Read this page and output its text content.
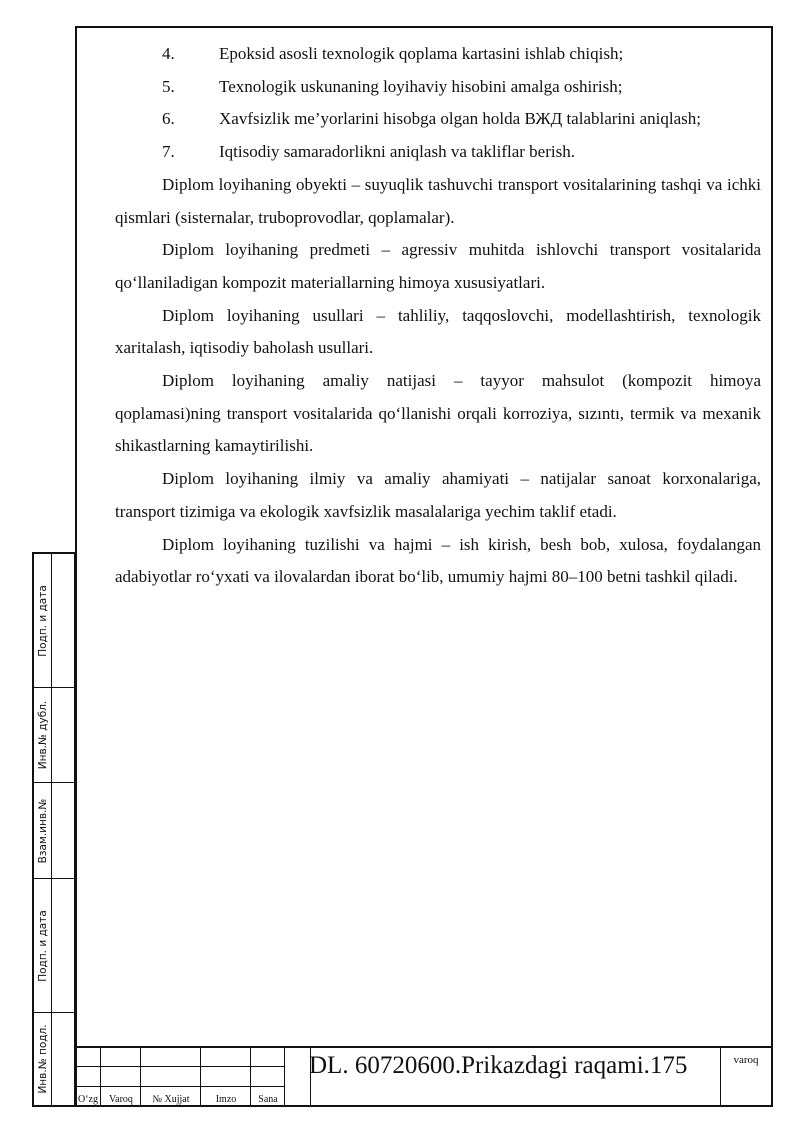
Подп. и дата
Инв.№ дубл.
Взам.инв.№
Подп. и дата
Инв.№ подл.
4.	Epoksid asosli texnologik qoplama kartasini ishlab chiqish;
5.	Texnologik uskunaning loyihaviy hisobini amalga oshirish;
6.	Xavfsizlik me’yorlarini hisobga olgan holda ВЖД talablarini aniqlash;
7.	Iqtisodiy samaradorlikni aniqlash va takliflar berish.

Diplom loyihaning obyekti – suyuqlik tashuvchi transport vositalarining tashqi va ichki qismlari (sisternalar, truboprovodlar, qoplamalar).

Diplom loyihaning predmeti – agressiv muhitda ishlovchi transport vositalarida qo‘llaniladigan kompozit materiallarning himoya xususiyatlari.

Diplom loyihaning usullari – tahliliy, taqqoslovchi, modellashtirish, texnologik xaritalash, iqtisodiy baholash usullari.

Diplom loyihaning amaliy natijasi – tayyor mahsulot (kompozit himoya qoplamasi)ning transport vositalarida qo‘llanishi orqali korroziya, sızıntı, termik va mexanik shikastlarning kamaytirilishi.

Diplom loyihaning ilmiy va amaliy ahamiyati – natijalar sanoat korxonalariga, transport tizimiga va ekologik xavfsizlik masalalariga yechim taklif etadi.

Diplom loyihaning tuzilishi va hajmi – ish kirish, besh bob, xulosa, foydalangan adabiyotlar ro‘yxati va ilovalardan iborat bo‘lib, umumiy hajmi 80–100 betni tashkil qiladi.

O‘zg	Varoq	№ Xujjat	Imzo	Sana
DL. 60720600.Prikazdagi raqami.175	varoq
